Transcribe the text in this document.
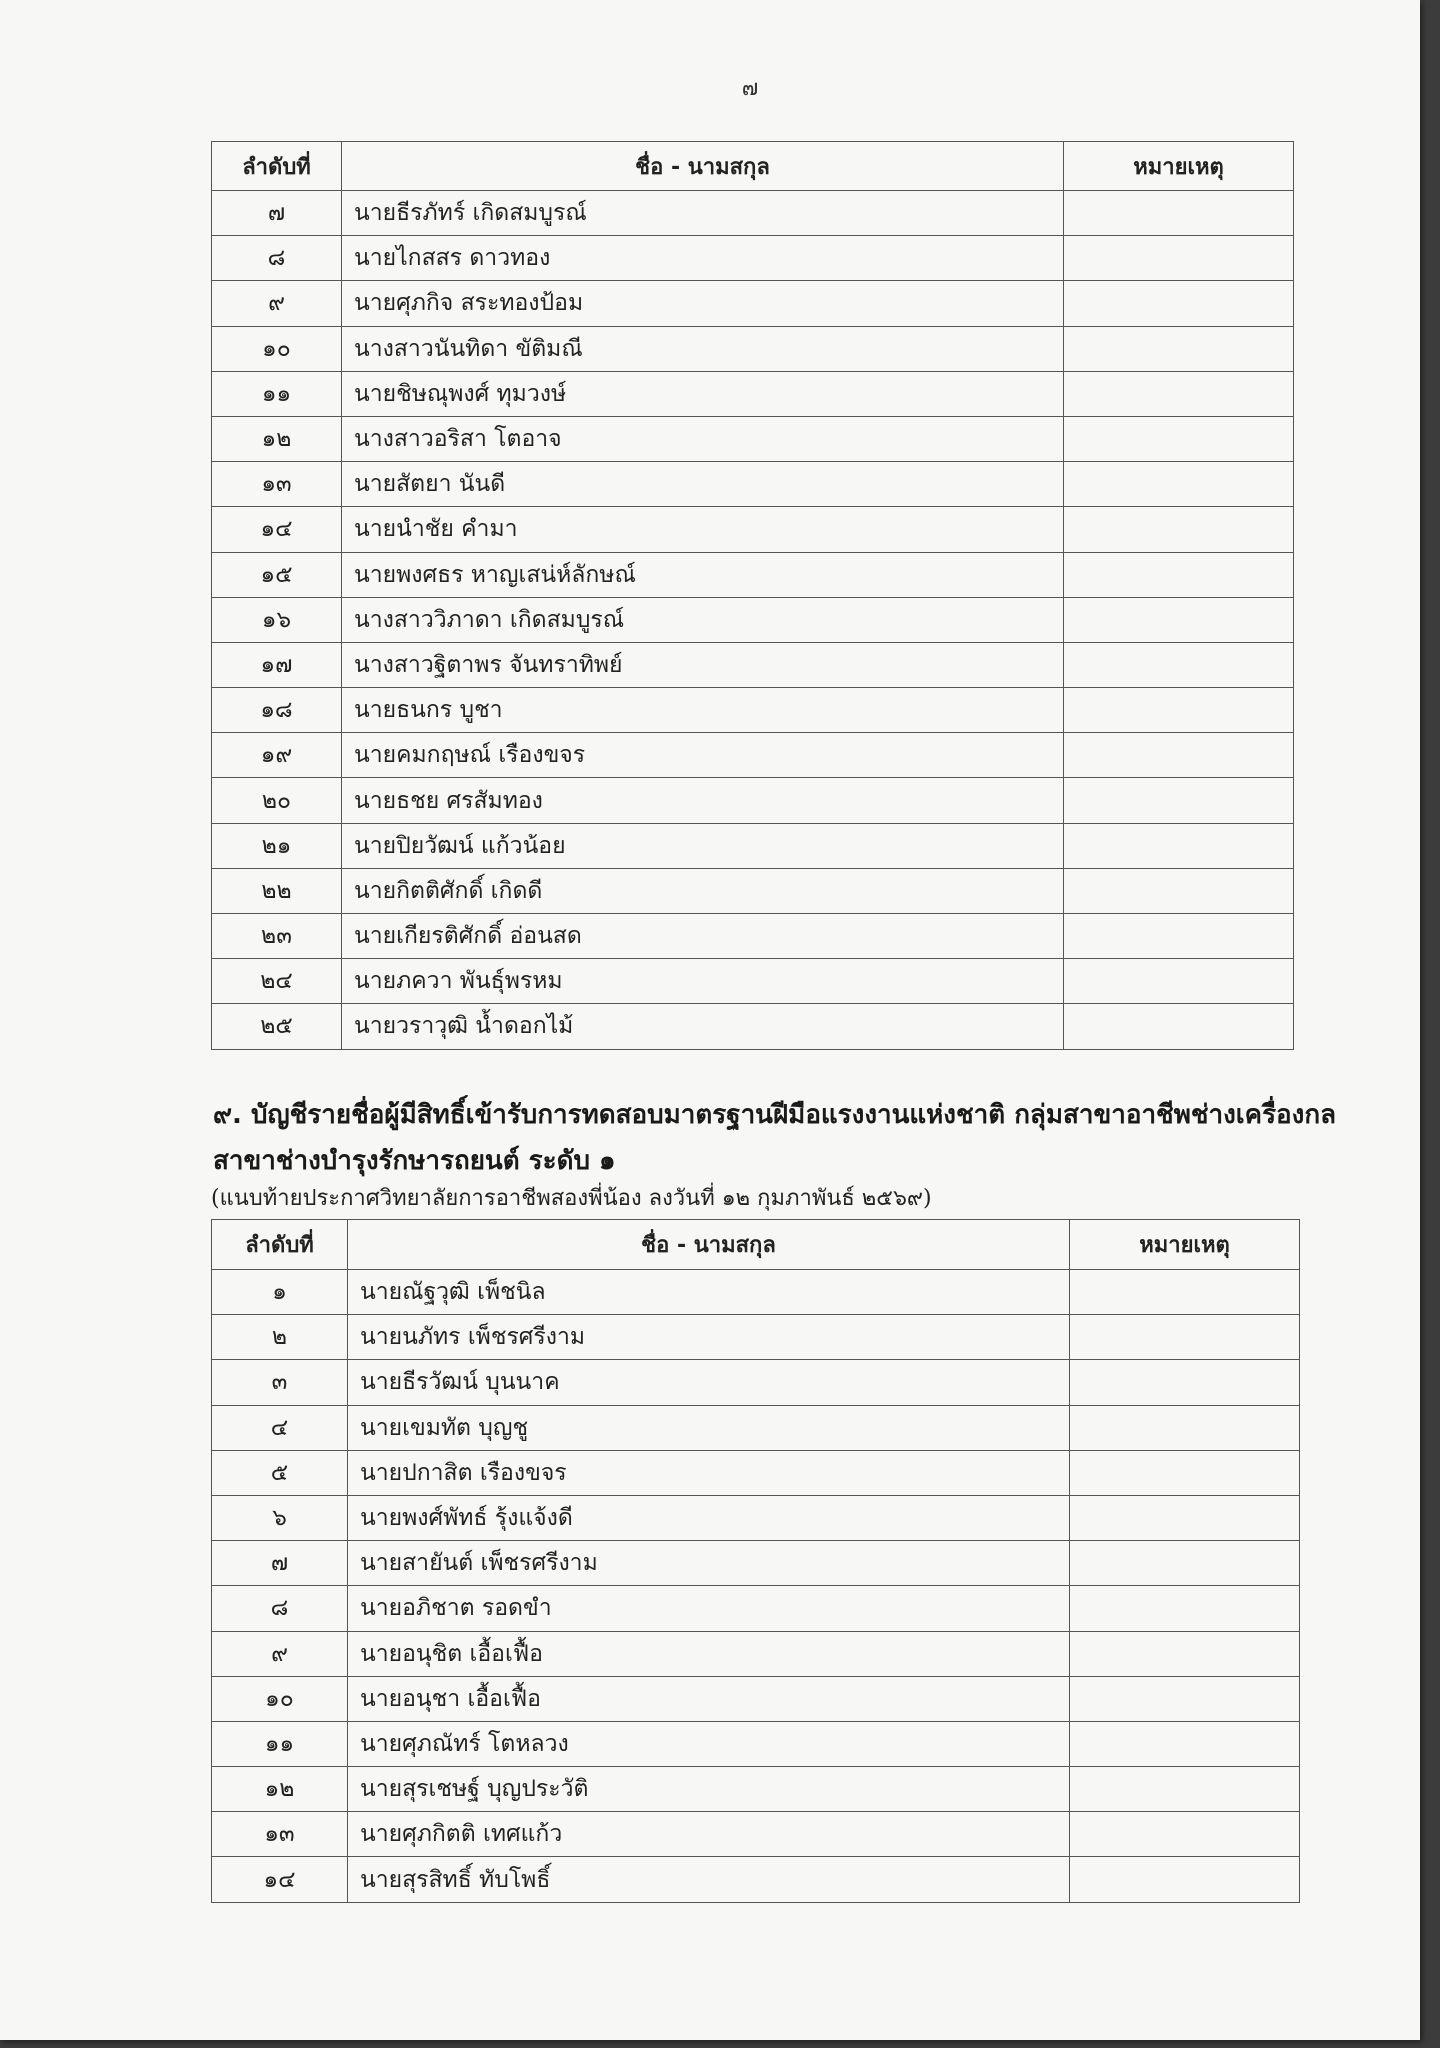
๗
ลำดับที่	ชื่อ - นามสกุล	หมายเหตุ
๗	นายธีรภัทร์ เกิดสมบูรณ์	
๘	นายไกสสร ดาวทอง	
๙	นายศุภกิจ สระทองป้อม	
๑๐	นางสาวนันทิดา ขัติมณี	
๑๑	นายชิษณุพงศ์ ทุมวงษ์	
๑๒	นางสาวอริสา โตอาจ	
๑๓	นายสัตยา นันดี	
๑๔	นายนำชัย คำมา	
๑๕	นายพงศธร หาญเสน่ห์ลักษณ์	
๑๖	นางสาววิภาดา เกิดสมบูรณ์	
๑๗	นางสาวฐิตาพร จันทราทิพย์	
๑๘	นายธนกร บูชา	
๑๙	นายคมกฤษณ์ เรืองขจร	
๒๐	นายธชย ศรสัมทอง	
๒๑	นายปิยวัฒน์ แก้วน้อย	
๒๒	นายกิตติศักดิ์ เกิดดี	
๒๓	นายเกียรติศักดิ์ อ่อนสด	
๒๔	นายภควา พันธุ์พรหม	
๒๕	นายวราวุฒิ น้ำดอกไม้	
๙. บัญชีรายชื่อผู้มีสิทธิ์เข้ารับการทดสอบมาตรฐานฝีมือแรงงานแห่งชาติ กลุ่มสาขาอาชีพช่างเครื่องกล
สาขาช่างบำรุงรักษารถยนต์ ระดับ ๑
(แนบท้ายประกาศวิทยาลัยการอาชีพสองพี่น้อง ลงวันที่ ๑๒ กุมภาพันธ์ ๒๕๖๙)
ลำดับที่	ชื่อ - นามสกุล	หมายเหตุ
๑	นายณัฐวุฒิ เพ็ชนิล	
๒	นายนภัทร เพ็ชรศรีงาม	
๓	นายธีรวัฒน์ บุนนาค	
๔	นายเขมทัต บุญชู	
๕	นายปกาสิต เรืองขจร	
๖	นายพงศ์พัทธ์ รุ้งแจ้งดี	
๗	นายสายันต์ เพ็ชรศรีงาม	
๘	นายอภิชาต รอดขำ	
๙	นายอนุชิต เอื้อเฟื้อ	
๑๐	นายอนุชา เอื้อเฟื้อ	
๑๑	นายศุภณัทร์ โตหลวง	
๑๒	นายสุรเชษฐ์ บุญประวัติ	
๑๓	นายศุภกิตติ เทศแก้ว	
๑๔	นายสุรสิทธิ์ ทับโพธิ์	
